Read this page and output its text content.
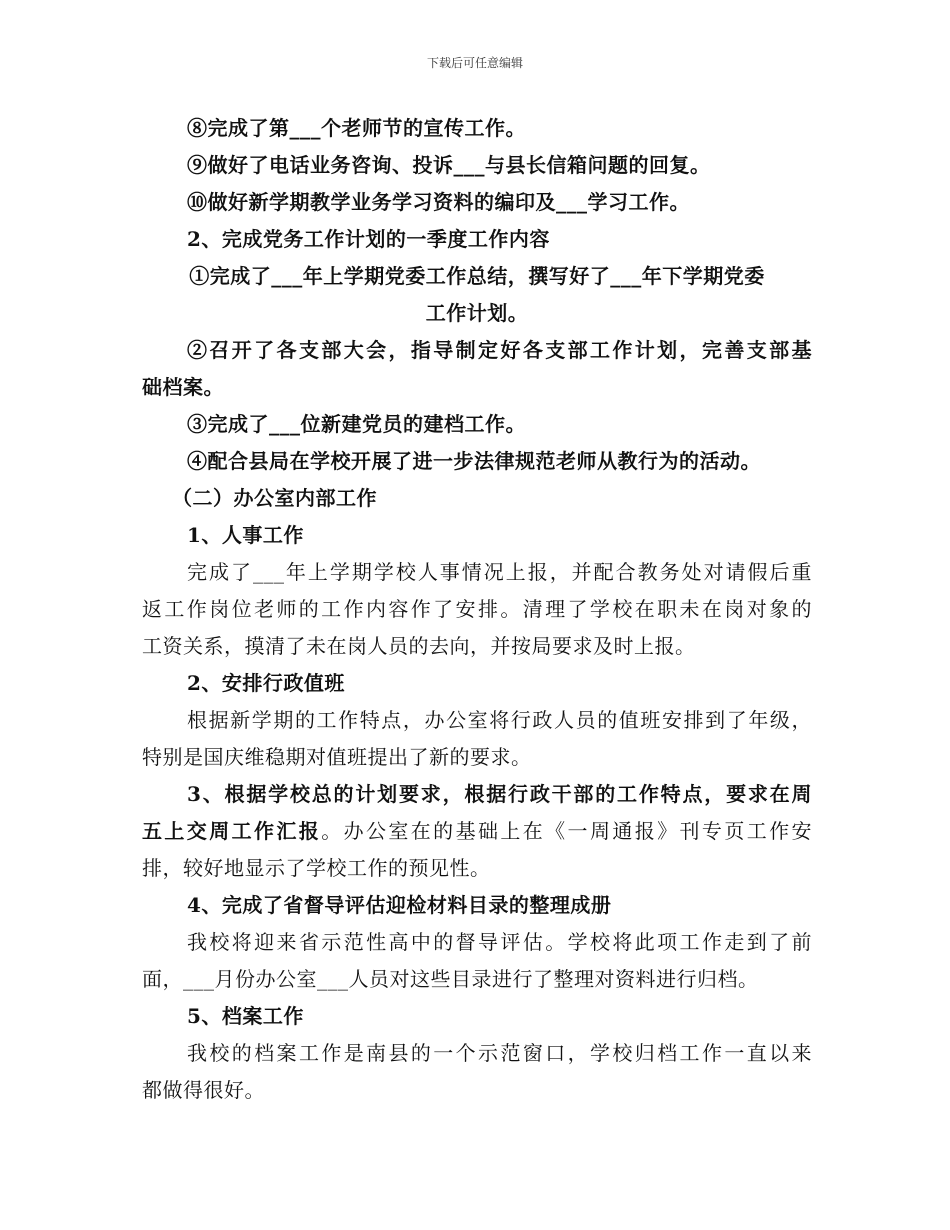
下载后可任意编辑
⑧完成了第___个老师节的宣传工作。
⑨做好了电话业务咨询、投诉___与县长信箱问题的回复。
⑩做好新学期教学业务学习资料的编印及___学习工作。
2、完成党务工作计划的一季度工作内容
①完成了___年上学期党委工作总结，撰写好了___年下学期党委
工作计划。
②召开了各支部大会，指导制定好各支部工作计划，完善支部基
础档案。
③完成了___位新建党员的建档工作。
④配合县局在学校开展了进一步法律规范老师从教行为的活动。
（二）办公室内部工作
1、人事工作
完成了___年上学期学校人事情况上报，并配合教务处对请假后重
返工作岗位老师的工作内容作了安排。清理了学校在职未在岗对象的
工资关系，摸清了未在岗人员的去向，并按局要求及时上报。
2、安排行政值班
根据新学期的工作特点，办公室将行政人员的值班安排到了年级，
特别是国庆维稳期对值班提出了新的要求。
3、根据学校总的计划要求，根据行政干部的工作特点，要求在周
五上交周工作汇报。办公室在的基础上在《一周通报》刊专页工作安
排，较好地显示了学校工作的预见性。
4、完成了省督导评估迎检材料目录的整理成册
我校将迎来省示范性高中的督导评估。学校将此项工作走到了前
面，___月份办公室___人员对这些目录进行了整理对资料进行归档。
5、档案工作
我校的档案工作是南县的一个示范窗口，学校归档工作一直以来
都做得很好。
